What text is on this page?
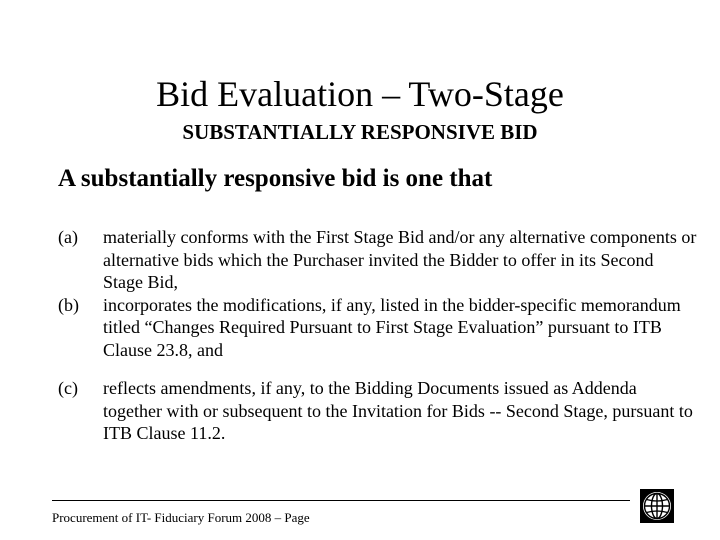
Bid Evaluation – Two-Stage
SUBSTANTIALLY RESPONSIVE BID

A substantially responsive bid is one that

(a) materially conforms with the First Stage Bid and/or any alternative components or alternative bids which the Purchaser invited the Bidder to offer in its Second Stage Bid,
(b) incorporates the modifications, if any, listed in the bidder-specific memorandum titled “Changes Required Pursuant to First Stage Evaluation” pursuant to ITB Clause 23.8, and
(c) reflects amendments, if any, to the Bidding Documents issued as Addenda together with or subsequent to the Invitation for Bids -- Second Stage, pursuant to ITB Clause 11.2.
Procurement of IT- Fiduciary Forum 2008 – Page
